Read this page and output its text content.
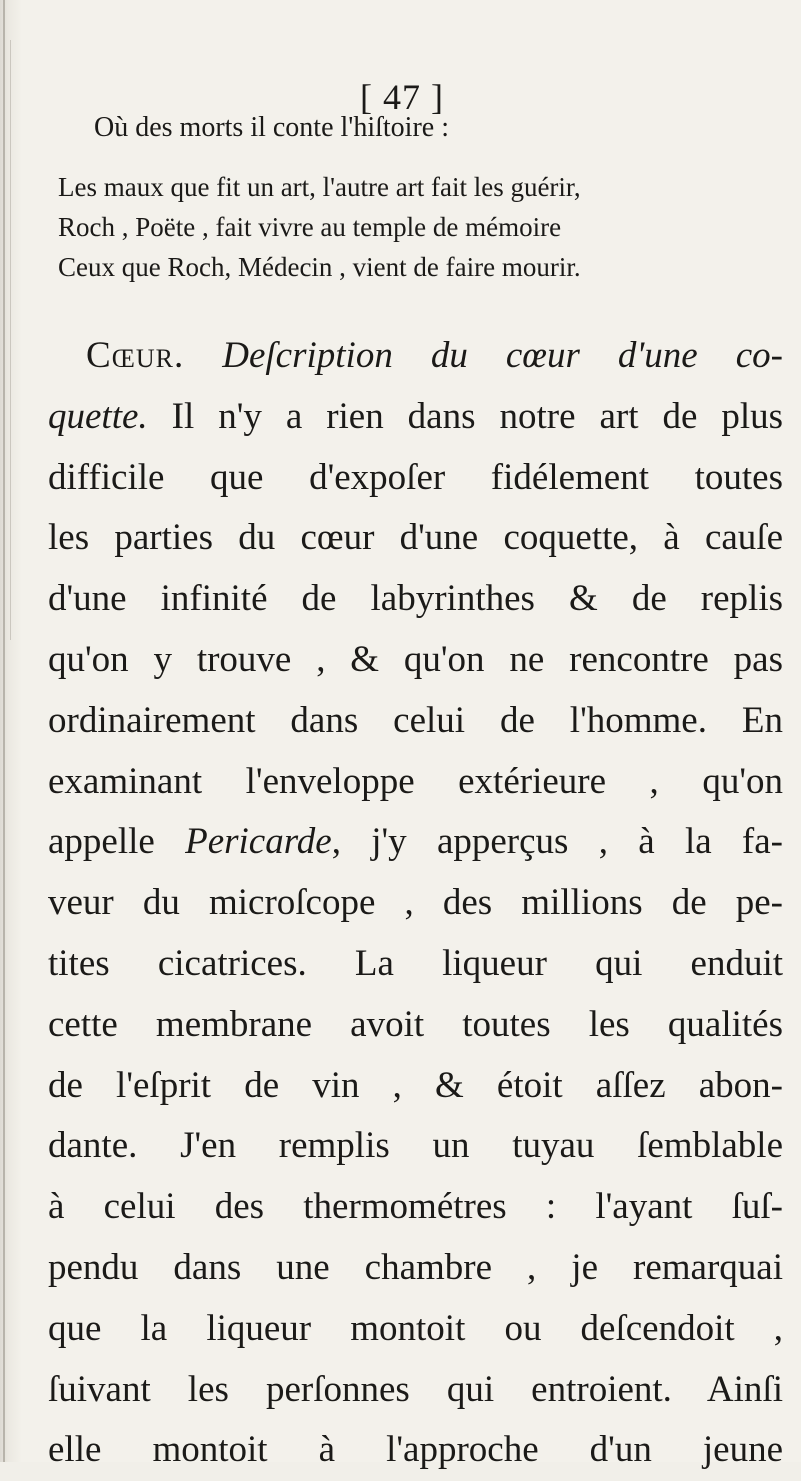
[ 47 ]
Où des morts il conte l'hiſtoire :
Les maux que fit un art, l'autre art fait les guérir,
Roch , Poëte , fait vivre au temple de mémoire
Ceux que Roch, Médecin , vient de faire mourir.
Cœur. Deſcription du cœur d'une co-
quette. Il n'y a rien dans notre art de plus
difficile que d'expoſer fidélement toutes
les parties du cœur d'une coquette, à cauſe
d'une infinité de labyrinthes & de replis
qu'on y trouve , & qu'on ne rencontre pas
ordinairement dans celui de l'homme. En
examinant l'enveloppe extérieure , qu'on
appelle Pericarde, j'y apperçus , à la fa-
veur du microſcope , des millions de pe-
tites cicatrices. La liqueur qui enduit
cette membrane avoit toutes les qualités
de l'eſprit de vin , & étoit aſſez abon-
dante. J'en remplis un tuyau ſemblable
à celui des thermométres : l'ayant ſuſ-
pendu dans une chambre , je remarquai
que la liqueur montoit ou deſcendoit ,
ſuivant les perſonnes qui entroient. Ainſi
elle montoit à l'approche d'un jeune
